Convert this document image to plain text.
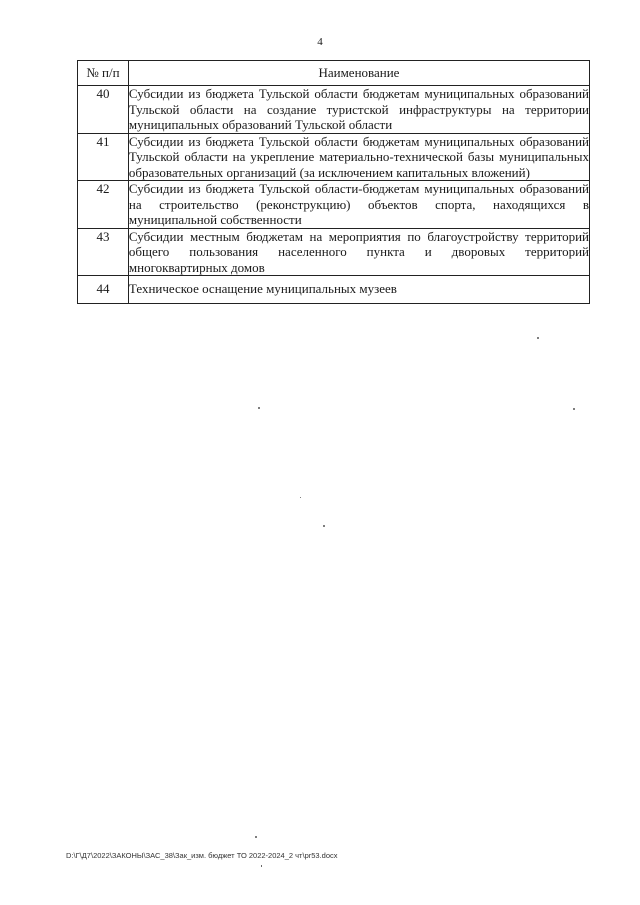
4
№ п/п	Наименование
40	Субсидии из бюджета Тульской области бюджетам муниципальных образований Тульской области на создание туристской инфраструктуры на территории муниципальных образований Тульской области
41	Субсидии из бюджета Тульской области бюджетам муниципальных образований Тульской области на укрепление материально-технической базы муниципальных образовательных организаций (за исключением капитальных вложений)
42	Субсидии из бюджета Тульской области-бюджетам муниципальных образований на строительство (реконструкцию) объектов спорта, находящихся в муниципальной собственности
43	Субсидии местным бюджетам на мероприятия по благоустройству территорий общего пользования населенного пункта и дворовых территорий многоквартирных домов
44	Техническое оснащение муниципальных музеев
D:\Г\Д7\2022\ЗАКОНЫ\ЗАС_38\Зак_изм. бюджет ТО 2022-2024_2 чт\pr53.docx
